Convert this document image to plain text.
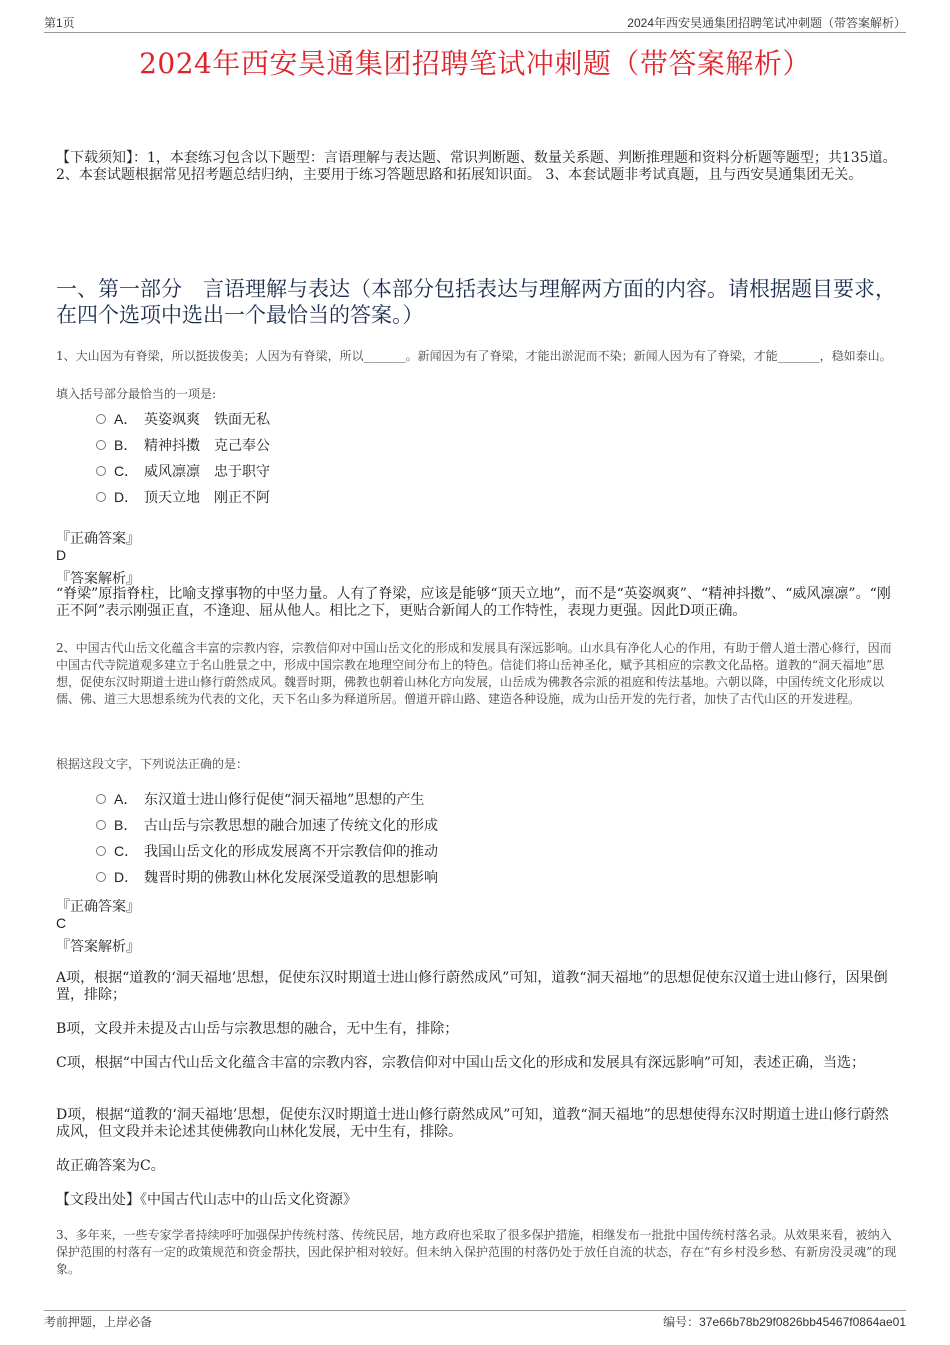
第1页	2024年西安昊通集团招聘笔试冲刺题（带答案解析）
2024年西安昊通集团招聘笔试冲刺题（带答案解析）
【下载须知】：1，本套练习包含以下题型：言语理解与表达题、常识判断题、数量关系题、判断推理题和资料分析题等题型；共135道。 2、本套试题根据常见招考题总结归纳，主要用于练习答题思路和拓展知识面。 3、本套试题非考试真题，且与西安昊通集团无关。
一、第一部分　言语理解与表达（本部分包括表达与理解两方面的内容。请根据题目要求，在四个选项中选出一个最恰当的答案。）
1、大山因为有脊梁，所以挺拔俊美；人因为有脊梁，所以_______。新闻因为有了脊梁，才能出淤泥而不染；新闻人因为有了脊梁，才能_______，稳如泰山。
填入括号部分最恰当的一项是:
A． 英姿飒爽　铁面无私
B． 精神抖擞　克己奉公
C． 威风凛凛　忠于职守
D． 顶天立地　刚正不阿
『正确答案』
D
『答案解析』
“脊梁”原指脊柱，比喻支撑事物的中坚力量。人有了脊梁，应该是能够“顶天立地”，而不是“英姿飒爽”、“精神抖擞”、“威风凛凛”。“刚正不阿”表示刚强正直，不逢迎、屈从他人。相比之下，更贴合新闻人的工作特性，表现力更强。因此D项正确。
2、中国古代山岳文化蕴含丰富的宗教内容，宗教信仰对中国山岳文化的形成和发展具有深远影响。山水具有净化人心的作用，有助于僧人道士潜心修行，因而中国古代寺院道观多建立于名山胜景之中，形成中国宗教在地理空间分布上的特色。信徒们将山岳神圣化，赋予其相应的宗教文化品格。道教的“洞天福地”思想，促使东汉时期道士进山修行蔚然成风。魏晋时期，佛教也朝着山林化方向发展，山岳成为佛教各宗派的祖庭和传法基地。六朝以降，中国传统文化形成以儒、佛、道三大思想系统为代表的文化，天下名山多为释道所居。僧道开辟山路、建造各种设施，成为山岳开发的先行者，加快了古代山区的开发进程。
根据这段文字，下列说法正确的是：
A． 东汉道士进山修行促使“洞天福地”思想的产生
B． 古山岳与宗教思想的融合加速了传统文化的形成
C． 我国山岳文化的形成发展离不开宗教信仰的推动
D． 魏晋时期的佛教山林化发展深受道教的思想影响
『正确答案』
C
『答案解析』
A项，根据“道教的‘洞天福地’思想，促使东汉时期道士进山修行蔚然成风”可知，道教“洞天福地”的思想促使东汉道士进山修行，因果倒置，排除；
B项，文段并未提及古山岳与宗教思想的融合，无中生有，排除；
C项，根据“中国古代山岳文化蕴含丰富的宗教内容，宗教信仰对中国山岳文化的形成和发展具有深远影响”可知，表述正确，当选；
D项，根据“道教的‘洞天福地’思想，促使东汉时期道士进山修行蔚然成风”可知，道教“洞天福地”的思想使得东汉时期道士进山修行蔚然成风，但文段并未论述其使佛教向山林化发展，无中生有，排除。
故正确答案为C。
【文段出处】《中国古代山志中的山岳文化资源》
3、多年来，一些专家学者持续呼吁加强保护传统村落、传统民居，地方政府也采取了很多保护措施，相继发布一批批中国传统村落名录。从效果来看，被纳入保护范围的村落有一定的政策规范和资金帮扶，因此保护相对较好。但未纳入保护范围的村落仍处于放任自流的状态，存在“有乡村没乡愁、有新房没灵魂”的现象。
考前押题，上岸必备	编号：37e66b78b29f0826bb45467f0864ae01
